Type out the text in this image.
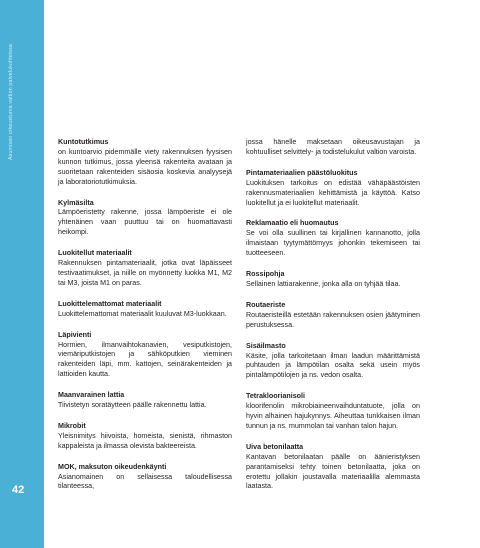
Asumisen oikeusturva valtion palvelukohteissa
42
Kuntotutkimus
on kuntoarvio pidemmälle viety rakennuksen fyysisen kunnon tutkimus, jossa yleensä rakenteita avataan ja suoritetaan rakenteiden sisäosia koskevia analyysejä ja laboratoriotutkimuksia.
Kylmäsilta
Lämpöeristetty rakenne, jossa lämpöeriste ei ole yhtenäinen vaan puuttuu tai on huomattavasti heikompi.
Luokitellut materiaalit
Rakennuksen pintamateriaalit, jotka ovat läpäisseet testivaatimukset, ja niille on myönnetty luokka M1, M2 tai M3, joista M1 on paras.
Luokittelemattomat materiaalit
Luokittelemattomat materiaalit kuuluvat M3-luokkaan.
Läpivienti
Hormien, ilmanvaihtokanavien, vesiputkistojen, viemäriputkistojen ja sähköputkien vieminen rakenteiden läpi, mm. kattojen, seinärakenteiden ja lattioiden kautta.
Maanvarainen lattia
Tiivistetyn soratäytteen päälle rakennettu lattia.
Mikrobit
Yleisnimitys hiivoista, homeista, sienistä, rihmaston kappaleista ja ilmassa olevista bakteereista.
MOK, maksuton oikeudenkäynti
Asianomainen on sellaisessa taloudellisessa tilanteessa,
jossa hänelle maksetaan oikeusavustajan ja kohtuulliset selvittely- ja todistelukulut valtion varoista.
Pintamateriaalien päästöluokitus
Luokituksen tarkoitus on edistää vähäpäästöisten rakennusmateriaalien kehittämistä ja käyttöä. Katso luokitellut ja ei luokitellut materiaalit.
Reklamaatio eli huomautus
Se voi olla suullinen tai kirjallinen kannanotto, jolla ilmaistaan tyytymättömyys johonkin tekemiseen tai tuotteeseen.
Rossipohja
Sellainen lattiarakenne, jonka alla on tyhjää tilaa.
Routaeriste
Routaeristeillä estetään rakennuksen osien jäätyminen perustuksessa.
Sisäilmasto
Käsite, jolla tarkoitetaan ilman laadun määrittämistä puhtauden ja lämpötilan osalta sekä usein myös pintalämpötilojen ja ns. vedon osalta.
Tetrakloorianisoli
kloorifenolin mikrobiaineenvaihduntatuote, jolla on hyvin alhainen hajukynnys. Aiheuttaa tunkkaisen ilman tunnun ja ns. mummolan tai vanhan talon hajun.
Uiva betonilaatta
Kantavan betonilaatan päälle on äänieristyksen parantamiseksi tehty toinen betonilaatta, joka on erotettu jollakin joustavalla materiaalilla alemmasta laatasta.
